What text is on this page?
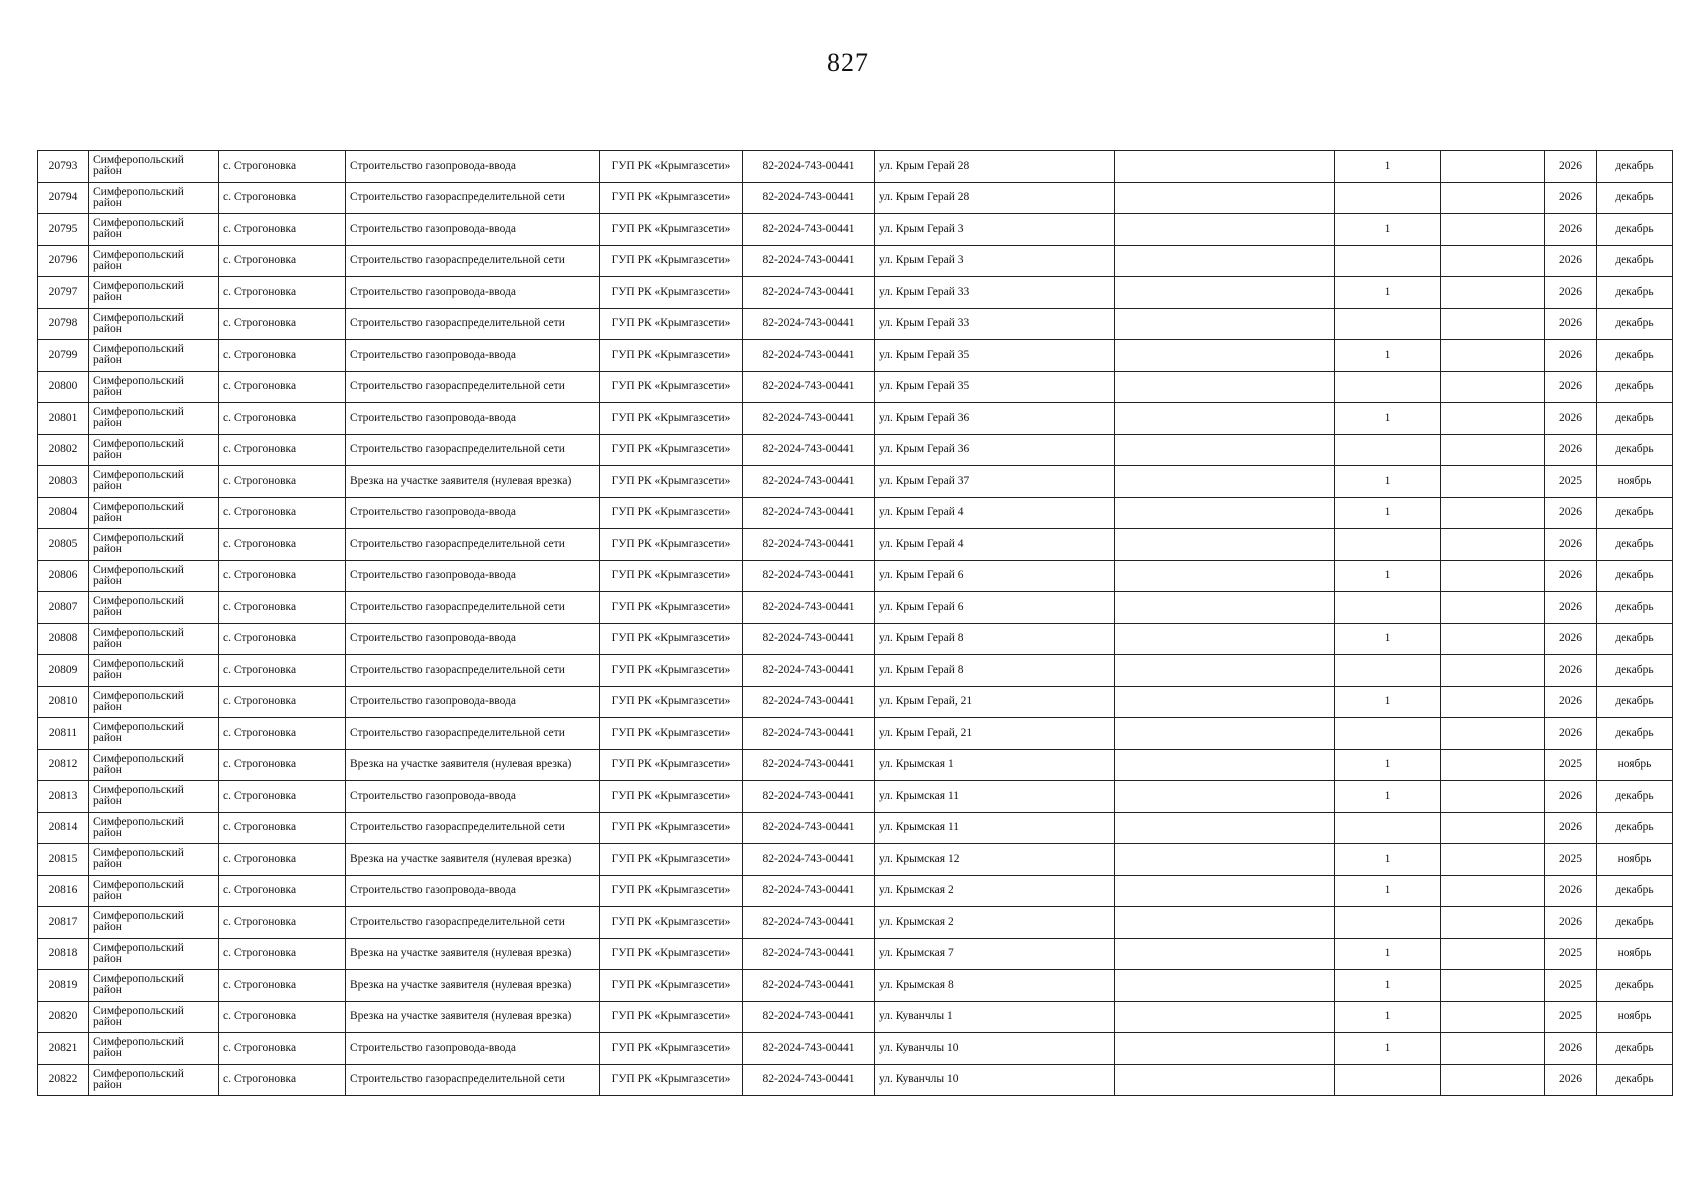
827
20793	Симферопольский район	с. Строгоновка	Строительство газопровода-ввода	ГУП РК «Крымгазсети»	82-2024-743-00441	ул. Крым Герай 28		1		2026	декабрь
20794	Симферопольский район	с. Строгоновка	Строительство газораспределительной сети	ГУП РК «Крымгазсети»	82-2024-743-00441	ул. Крым Герай 28				2026	декабрь
20795	Симферопольский район	с. Строгоновка	Строительство газопровода-ввода	ГУП РК «Крымгазсети»	82-2024-743-00441	ул. Крым Герай 3		1		2026	декабрь
20796	Симферопольский район	с. Строгоновка	Строительство газораспределительной сети	ГУП РК «Крымгазсети»	82-2024-743-00441	ул. Крым Герай 3				2026	декабрь
20797	Симферопольский район	с. Строгоновка	Строительство газопровода-ввода	ГУП РК «Крымгазсети»	82-2024-743-00441	ул. Крым Герай 33		1		2026	декабрь
20798	Симферопольский район	с. Строгоновка	Строительство газораспределительной сети	ГУП РК «Крымгазсети»	82-2024-743-00441	ул. Крым Герай 33				2026	декабрь
20799	Симферопольский район	с. Строгоновка	Строительство газопровода-ввода	ГУП РК «Крымгазсети»	82-2024-743-00441	ул. Крым Герай 35		1		2026	декабрь
20800	Симферопольский район	с. Строгоновка	Строительство газораспределительной сети	ГУП РК «Крымгазсети»	82-2024-743-00441	ул. Крым Герай 35				2026	декабрь
20801	Симферопольский район	с. Строгоновка	Строительство газопровода-ввода	ГУП РК «Крымгазсети»	82-2024-743-00441	ул. Крым Герай 36		1		2026	декабрь
20802	Симферопольский район	с. Строгоновка	Строительство газораспределительной сети	ГУП РК «Крымгазсети»	82-2024-743-00441	ул. Крым Герай 36				2026	декабрь
20803	Симферопольский район	с. Строгоновка	Врезка на участке заявителя (нулевая врезка)	ГУП РК «Крымгазсети»	82-2024-743-00441	ул. Крым Герай 37		1		2025	ноябрь
20804	Симферопольский район	с. Строгоновка	Строительство газопровода-ввода	ГУП РК «Крымгазсети»	82-2024-743-00441	ул. Крым Герай 4		1		2026	декабрь
20805	Симферопольский район	с. Строгоновка	Строительство газораспределительной сети	ГУП РК «Крымгазсети»	82-2024-743-00441	ул. Крым Герай 4				2026	декабрь
20806	Симферопольский район	с. Строгоновка	Строительство газопровода-ввода	ГУП РК «Крымгазсети»	82-2024-743-00441	ул. Крым Герай 6		1		2026	декабрь
20807	Симферопольский район	с. Строгоновка	Строительство газораспределительной сети	ГУП РК «Крымгазсети»	82-2024-743-00441	ул. Крым Герай 6				2026	декабрь
20808	Симферопольский район	с. Строгоновка	Строительство газопровода-ввода	ГУП РК «Крымгазсети»	82-2024-743-00441	ул. Крым Герай 8		1		2026	декабрь
20809	Симферопольский район	с. Строгоновка	Строительство газораспределительной сети	ГУП РК «Крымгазсети»	82-2024-743-00441	ул. Крым Герай 8				2026	декабрь
20810	Симферопольский район	с. Строгоновка	Строительство газопровода-ввода	ГУП РК «Крымгазсети»	82-2024-743-00441	ул. Крым Герай, 21		1		2026	декабрь
20811	Симферопольский район	с. Строгоновка	Строительство газораспределительной сети	ГУП РК «Крымгазсети»	82-2024-743-00441	ул. Крым Герай, 21				2026	декабрь
20812	Симферопольский район	с. Строгоновка	Врезка на участке заявителя (нулевая врезка)	ГУП РК «Крымгазсети»	82-2024-743-00441	ул. Крымская 1		1		2025	ноябрь
20813	Симферопольский район	с. Строгоновка	Строительство газопровода-ввода	ГУП РК «Крымгазсети»	82-2024-743-00441	ул. Крымская 11		1		2026	декабрь
20814	Симферопольский район	с. Строгоновка	Строительство газораспределительной сети	ГУП РК «Крымгазсети»	82-2024-743-00441	ул. Крымская 11				2026	декабрь
20815	Симферопольский район	с. Строгоновка	Врезка на участке заявителя (нулевая врезка)	ГУП РК «Крымгазсети»	82-2024-743-00441	ул. Крымская 12		1		2025	ноябрь
20816	Симферопольский район	с. Строгоновка	Строительство газопровода-ввода	ГУП РК «Крымгазсети»	82-2024-743-00441	ул. Крымская 2		1		2026	декабрь
20817	Симферопольский район	с. Строгоновка	Строительство газораспределительной сети	ГУП РК «Крымгазсети»	82-2024-743-00441	ул. Крымская 2				2026	декабрь
20818	Симферопольский район	с. Строгоновка	Врезка на участке заявителя (нулевая врезка)	ГУП РК «Крымгазсети»	82-2024-743-00441	ул. Крымская 7		1		2025	ноябрь
20819	Симферопольский район	с. Строгоновка	Врезка на участке заявителя (нулевая врезка)	ГУП РК «Крымгазсети»	82-2024-743-00441	ул. Крымская 8		1		2025	декабрь
20820	Симферопольский район	с. Строгоновка	Врезка на участке заявителя (нулевая врезка)	ГУП РК «Крымгазсети»	82-2024-743-00441	ул. Куванчлы 1		1		2025	ноябрь
20821	Симферопольский район	с. Строгоновка	Строительство газопровода-ввода	ГУП РК «Крымгазсети»	82-2024-743-00441	ул. Куванчлы 10		1		2026	декабрь
20822	Симферопольский район	с. Строгоновка	Строительство газораспределительной сети	ГУП РК «Крымгазсети»	82-2024-743-00441	ул. Куванчлы 10				2026	декабрь
